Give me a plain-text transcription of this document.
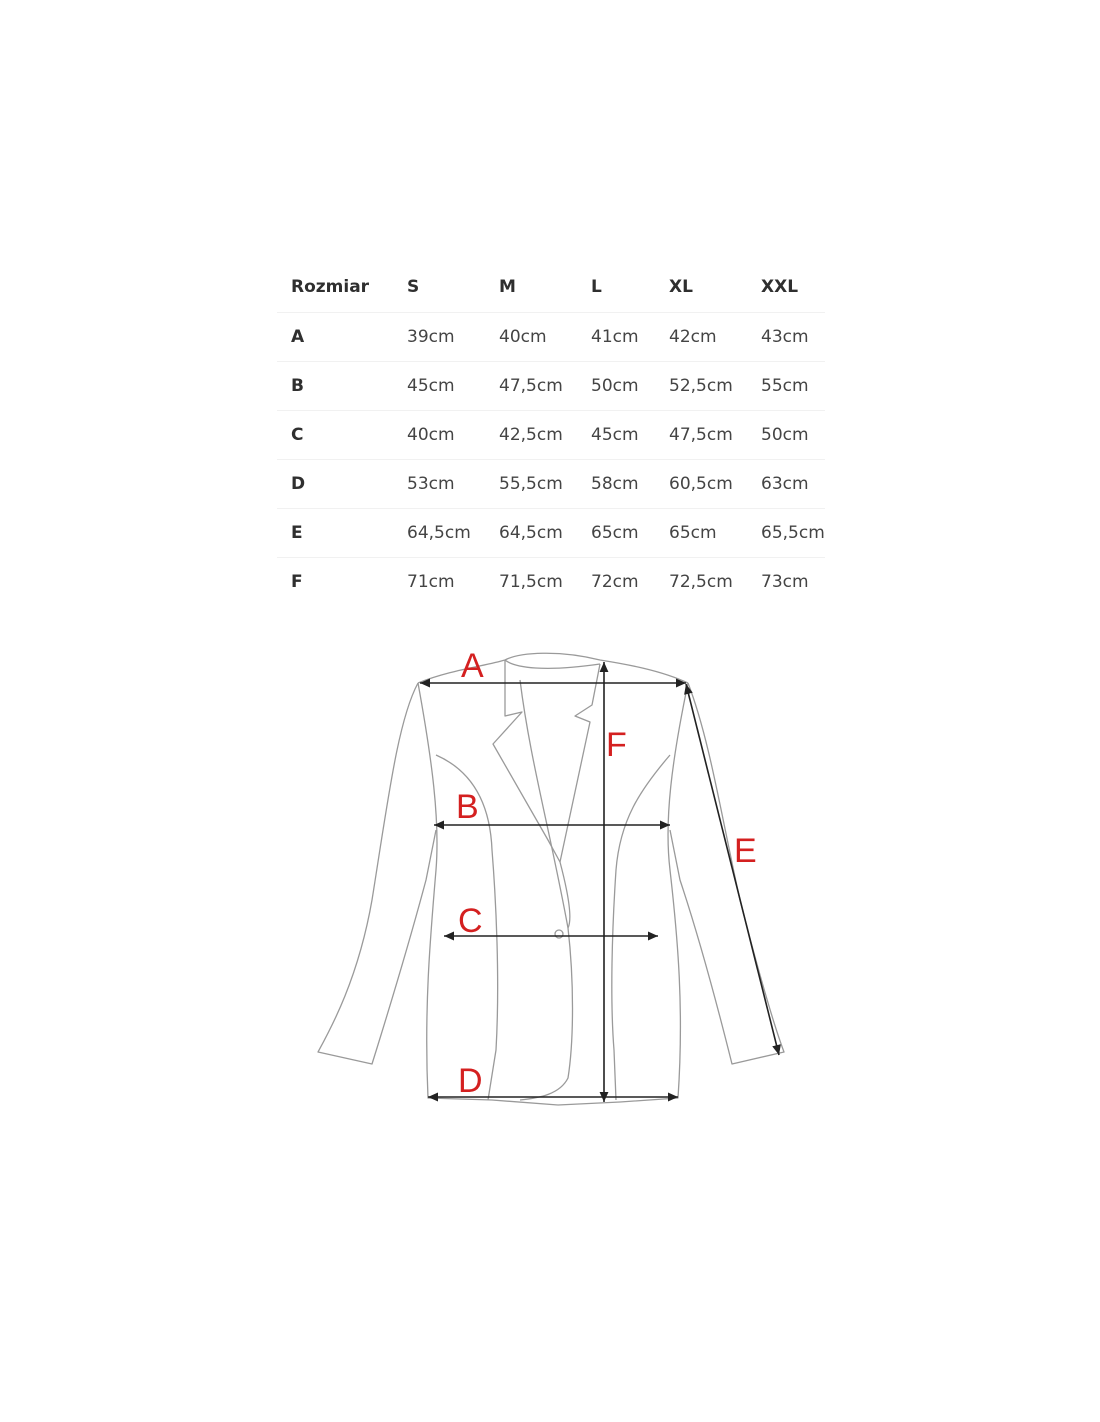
Rozmiar	S	M	L	XL	XXL
A	39cm	40cm	41cm	42cm	43cm
B	45cm	47,5cm	50cm	52,5cm	55cm
C	40cm	42,5cm	45cm	47,5cm	50cm
D	53cm	55,5cm	58cm	60,5cm	63cm
E	64,5cm	64,5cm	65cm	65cm	65,5cm
F	71cm	71,5cm	72cm	72,5cm	73cm
A
B
C
D
E
F
